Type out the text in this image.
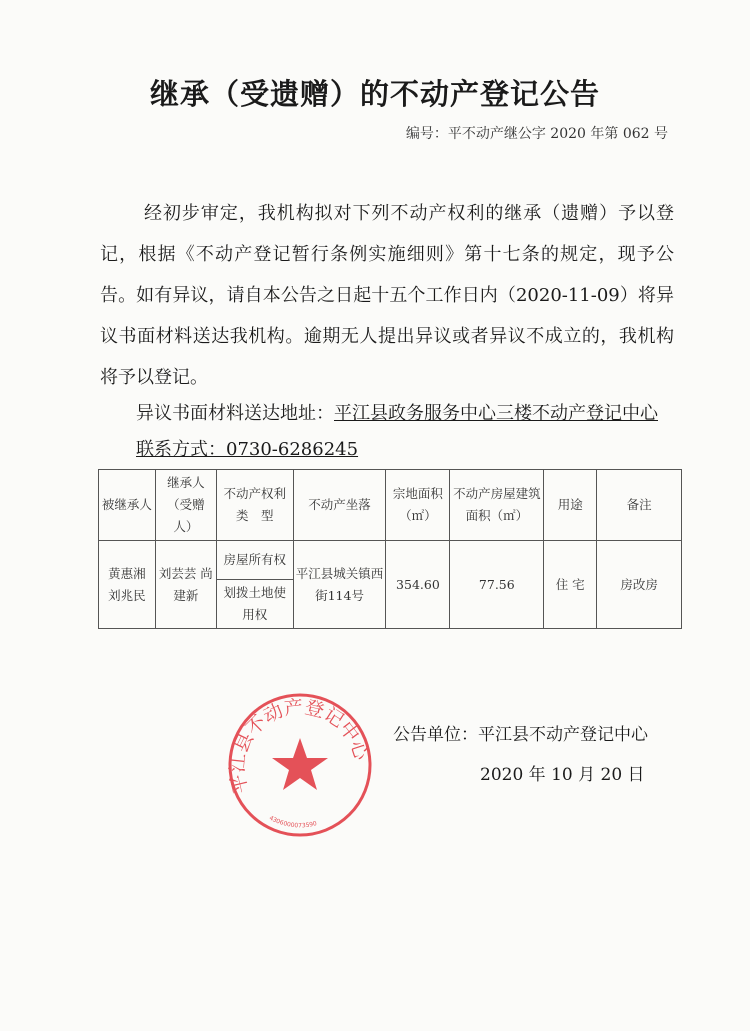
继承（受遗赠）的不动产登记公告
编号：平不动产继公字 2020 年第 062 号
经初步审定，我机构拟对下列不动产权利的继承（遗赠）予以登记，根据《不动产登记暂行条例实施细则》第十七条的规定，现予公告。如有异议，请自本公告之日起十五个工作日内（2020-11-09）将异议书面材料送达我机构。逾期无人提出异议或者异议不成立的，我机构将予以登记。
异议书面材料送达地址：平江县政务服务中心三楼不动产登记中心
联系方式：0730-6286245
被继承人	继承人（受赠人）	不动产权利类　型	不动产坐落	宗地面积（㎡）	不动产房屋建筑面积（㎡）	用途	备注
黄惠湘 刘兆民	刘芸芸 尚建新	房屋所有权	平江县城关镇西街114号	354.60	77.56	住 宅	房改房
		划拨土地使用权					
公告单位：平江县不动产登记中心
2020 年 10 月 20 日
平江县不动产登记中心
4306000073590
